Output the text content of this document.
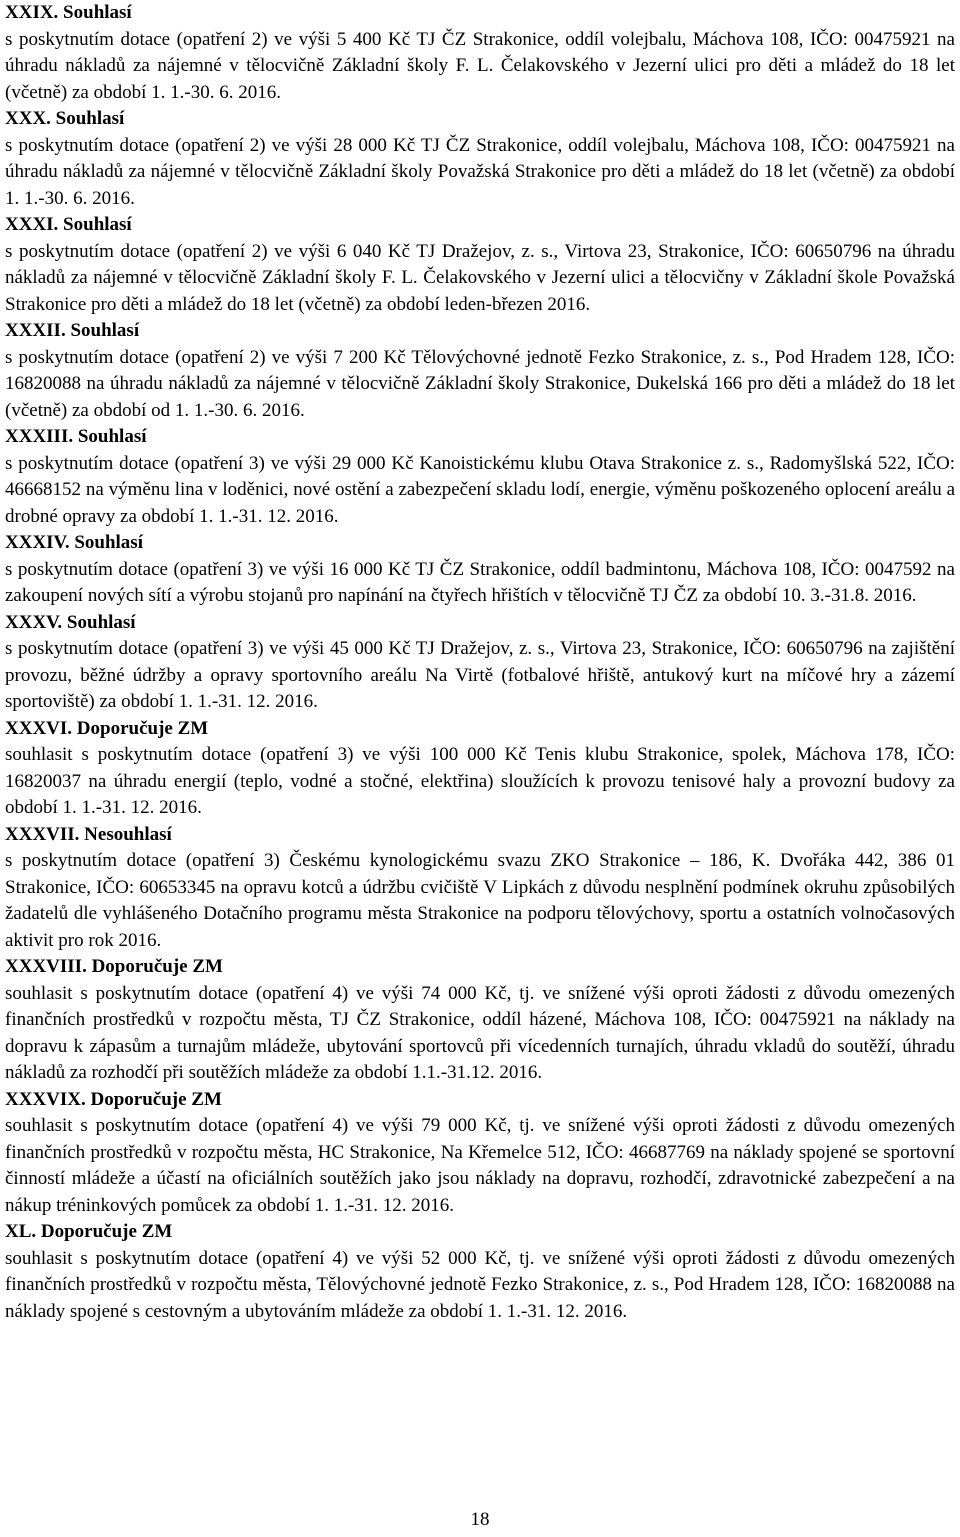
XXIX. Souhlasí

s poskytnutím dotace (opatření 2) ve výši 5 400 Kč TJ ČZ Strakonice, oddíl volejbalu, Máchova 108, IČO: 00475921 na úhradu nákladů za nájemné v tělocvičně Základní školy F. L. Čelakovského v Jezerní ulici pro děti a mládež do 18 let (včetně) za období 1. 1.-30. 6. 2016.

XXX. Souhlasí

s poskytnutím dotace (opatření 2) ve výši 28 000 Kč TJ ČZ Strakonice, oddíl volejbalu, Máchova 108, IČO: 00475921 na úhradu nákladů za nájemné v tělocvičně Základní školy Považská Strakonice pro děti a mládež do 18 let (včetně) za období 1. 1.-30. 6. 2016.

XXXI. Souhlasí

s poskytnutím dotace (opatření 2) ve výši 6 040 Kč TJ Dražejov, z. s., Virtova 23, Strakonice, IČO: 60650796 na úhradu nákladů za nájemné v tělocvičně Základní školy F. L. Čelakovského v Jezerní ulici a tělocvičny v Základní škole Považská Strakonice pro děti a mládež do 18 let (včetně) za období leden-březen 2016.

XXXII. Souhlasí

s poskytnutím dotace (opatření 2) ve výši 7 200 Kč Tělovýchovné jednotě Fezko Strakonice, z. s., Pod Hradem 128, IČO: 16820088 na úhradu nákladů za nájemné v tělocvičně Základní školy Strakonice, Dukelská 166 pro děti a mládež do 18 let (včetně) za období od 1. 1.-30. 6. 2016.

XXXIII. Souhlasí

s poskytnutím dotace (opatření 3) ve výši 29 000 Kč Kanoistickému klubu Otava Strakonice z. s., Radomyšlská 522, IČO: 46668152 na výměnu lina v loděnici, nové ostění a zabezpečení skladu lodí, energie, výměnu poškozeného oplocení areálu a drobné opravy za období 1. 1.-31. 12. 2016.

XXXIV. Souhlasí

s poskytnutím dotace (opatření 3) ve výši 16 000 Kč TJ ČZ Strakonice, oddíl badmintonu, Máchova 108, IČO: 0047592 na zakoupení nových sítí a výrobu stojanů pro napínání na čtyřech hřištích v tělocvičně TJ ČZ za období 10. 3.-31.8. 2016.

XXXV. Souhlasí

s poskytnutím dotace (opatření 3) ve výši 45 000 Kč TJ Dražejov, z. s., Virtova 23, Strakonice, IČO: 60650796 na zajištění provozu, běžné údržby a opravy sportovního areálu Na Virtě (fotbalové hřiště, antukový kurt na míčové hry a zázemí sportoviště) za období 1. 1.-31. 12. 2016.

XXXVI. Doporučuje ZM

souhlasit s poskytnutím dotace (opatření 3) ve výši 100 000 Kč Tenis klubu Strakonice, spolek, Máchova 178, IČO: 16820037 na úhradu energií (teplo, vodné a stočné, elektřina) sloužících k provozu tenisové haly a provozní budovy za období 1. 1.-31. 12. 2016.

XXXVII. Nesouhlasí

s poskytnutím dotace (opatření 3) Českému kynologickému svazu ZKO Strakonice – 186, K. Dvořáka 442, 386 01 Strakonice, IČO: 60653345 na opravu kotců a údržbu cvičiště V Lipkách z důvodu nesplnění podmínek okruhu způsobilých žadatelů dle vyhlášeného Dotačního programu města Strakonice na podporu tělovýchovy, sportu a ostatních volnočasových aktivit pro rok 2016.

XXXVIII. Doporučuje ZM

souhlasit s poskytnutím dotace (opatření 4) ve výši 74 000 Kč, tj. ve snížené výši oproti žádosti z důvodu omezených finančních prostředků v rozpočtu města, TJ ČZ Strakonice, oddíl házené, Máchova 108, IČO: 00475921 na náklady na dopravu k zápasům a turnajům mládeže, ubytování sportovců při vícedenních turnajích, úhradu vkladů do soutěží, úhradu nákladů za rozhodčí při soutěžích mládeže za období 1.1.-31.12. 2016.

XXXVIX. Doporučuje ZM

souhlasit s poskytnutím dotace (opatření 4) ve výši 79 000 Kč, tj. ve snížené výši oproti žádosti z důvodu omezených finančních prostředků v rozpočtu města, HC Strakonice, Na Křemelce 512, IČO: 46687769 na náklady spojené se sportovní činností mládeže a účastí na oficiálních soutěžích jako jsou náklady na dopravu, rozhodčí, zdravotnické zabezpečení a na nákup tréninkových pomůcek za období 1. 1.-31. 12. 2016.

XL. Doporučuje ZM

souhlasit s poskytnutím dotace (opatření 4) ve výši 52 000 Kč, tj. ve snížené výši oproti žádosti z důvodu omezených finančních prostředků v rozpočtu města, Tělovýchovné jednotě Fezko Strakonice, z. s., Pod Hradem 128, IČO: 16820088 na náklady spojené s cestovným a ubytováním mládeže za období 1. 1.-31. 12. 2016.

18
